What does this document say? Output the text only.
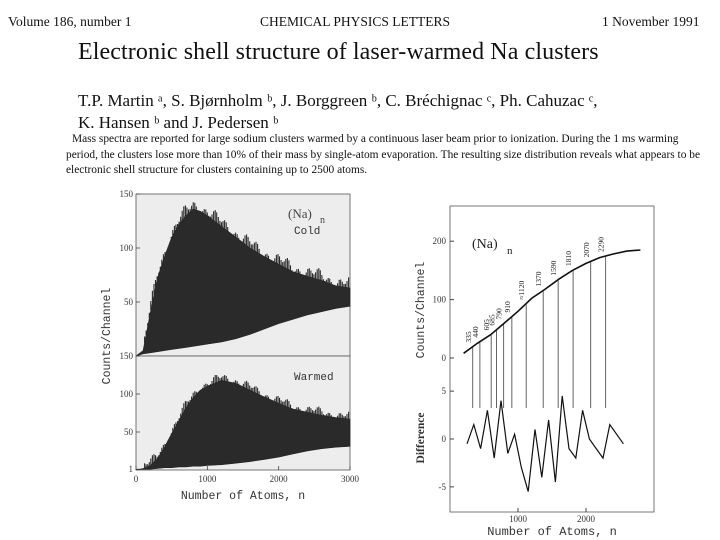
Volume 186, number 1	CHEMICAL PHYSICS LETTERS	1 November 1991
Electronic shell structure of laser-warmed Na clusters
T.P. Martin ᵃ, S. Bjørnholm ᵇ, J. Borggreen ᵇ, C. Bréchignac ᶜ, Ph. Cahuzac ᶜ,
K. Hansen ᵇ and J. Pedersen ᵇ
Mass spectra are reported for large sodium clusters warmed by a continuous laser beam prior to ionization. During the 1 ms warming period, the clusters lose more than 10% of their mass by single-atom evaporation. The resulting size distribution reveals what appears to be electronic shell structure for clusters containing up to 2500 atoms.
50
100
150
Cold
1
50
100
150
Warmed
(Na) n
0	1000	2000	3000
Number of Atoms, n
Counts/Channel	0
100
200 (Na) n
Counts/Channel	335
440
605
685
790
910
≈1120
1370
1590
1810
2070 2290
5
0
-5
Difference
1000	2000
Number of Atoms, n
